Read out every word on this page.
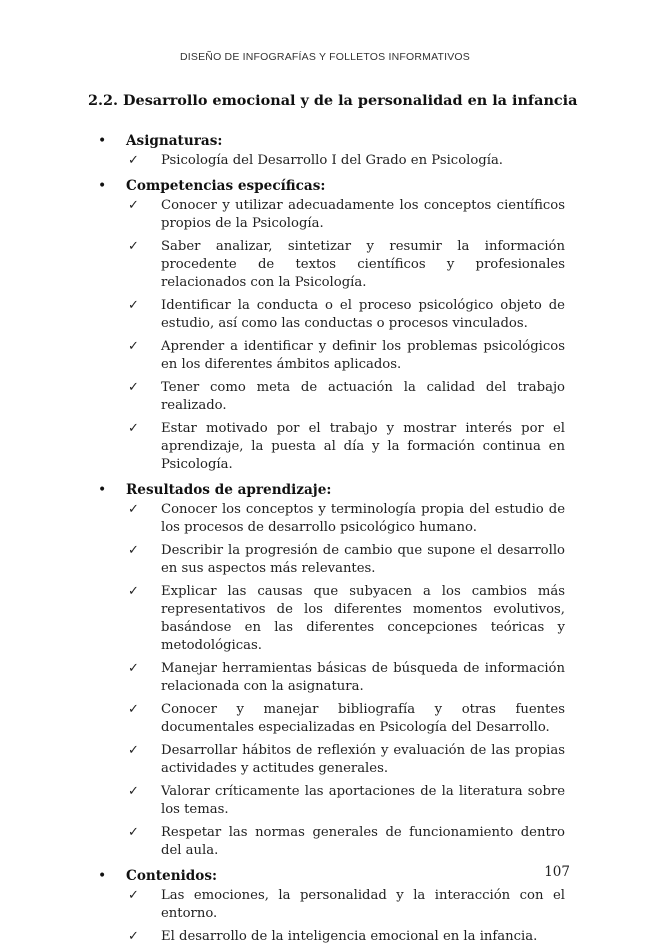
DISEÑO DE INFOGRAFÍAS Y FOLLETOS INFORMATIVOS
2.2. Desarrollo emocional y de la personalidad en la infancia
• Asignaturas:
✓ Psicología del Desarrollo I del Grado en Psicología.
• Competencias específicas:
✓ Conocer y utilizar adecuadamente los conceptos científicos propios de la Psicología.
✓ Saber analizar, sintetizar y resumir la información procedente de textos científicos y profesionales relacionados con la Psicología.
✓ Identificar la conducta o el proceso psicológico objeto de estudio, así como las conductas o procesos vinculados.
✓ Aprender a identificar y definir los problemas psicológicos en los diferentes ámbitos aplicados.
✓ Tener como meta de actuación la calidad del trabajo realizado.
✓ Estar motivado por el trabajo y mostrar interés por el aprendizaje, la puesta al día y la formación continua en Psicología.
• Resultados de aprendizaje:
✓ Conocer los conceptos y terminología propia del estudio de los procesos de desarrollo psicológico humano.
✓ Describir la progresión de cambio que supone el desarrollo en sus aspectos más relevantes.
✓ Explicar las causas que subyacen a los cambios más representativos de los diferentes momentos evolutivos, basándose en las diferentes concepciones teóricas y metodológicas.
✓ Manejar herramientas básicas de búsqueda de información relacionada con la asignatura.
✓ Conocer y manejar bibliografía y otras fuentes documentales especializadas en Psicología del Desarrollo.
✓ Desarrollar hábitos de reflexión y evaluación de las propias actividades y actitudes generales.
✓ Valorar críticamente las aportaciones de la literatura sobre los temas.
✓ Respetar las normas generales de funcionamiento dentro del aula.
• Contenidos:
✓ Las emociones, la personalidad y la interacción con el entorno.
✓ El desarrollo de la inteligencia emocional en la infancia.
107
